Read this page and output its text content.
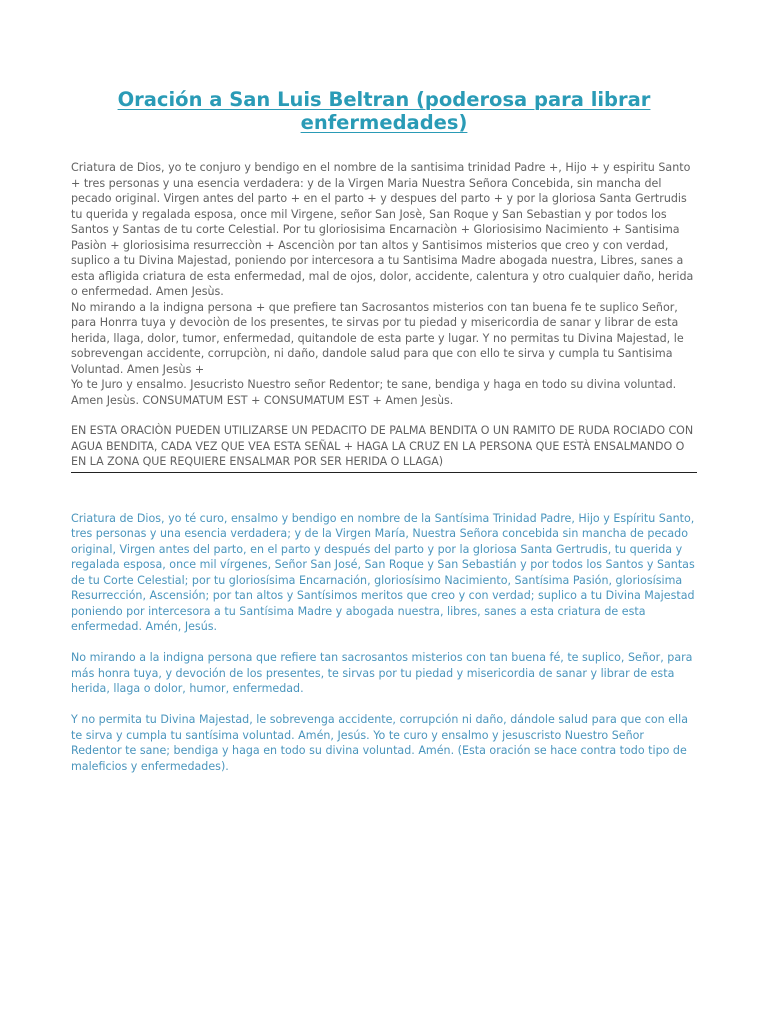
Oración a San Luis Beltran (poderosa para librar enfermedades)

Criatura de Dios, yo te conjuro y bendigo en el nombre de la santisima trinidad Padre +, Hijo + y espiritu Santo + tres personas y una esencia verdadera: y de la Virgen Maria Nuestra Señora Concebida, sin mancha del pecado original. Virgen antes del parto + en el parto + y despues del parto + y por la gloriosa Santa Gertrudis tu querida y regalada esposa, once mil Virgene, señor San Josè, San Roque y San Sebastian y por todos los Santos y Santas de tu corte Celestial. Por tu gloriosisima Encarnaciòn + Gloriosisimo Nacimiento + Santisima Pasiòn + gloriosisima resurrecciòn + Ascenciòn por tan altos y Santisimos misterios que creo y con verdad, suplico a tu Divina Majestad, poniendo por intercesora a tu Santisima Madre abogada nuestra, Libres, sanes a esta afligida criatura de esta enfermedad, mal de ojos, dolor, accidente, calentura y otro cualquier daño, herida o enfermedad. Amen Jesùs.

No mirando a la indigna persona + que prefiere tan Sacrosantos misterios con tan buena fe te suplico Señor, para Honrra tuya y devociòn de los presentes, te sirvas por tu piedad y misericordia de sanar y librar de esta herida, llaga, dolor, tumor, enfermedad, quitandole de esta parte y lugar. Y no permitas tu Divina Majestad, le sobrevengan accidente, corrupciòn, ni daño, dandole salud para que con ello te sirva y cumpla tu Santisima Voluntad. Amen Jesùs +

Yo te Juro y ensalmo. Jesucristo Nuestro señor Redentor; te sane, bendiga y haga en todo su divina voluntad. Amen Jesùs. CONSUMATUM EST + CONSUMATUM EST + Amen Jesùs.

EN ESTA ORACIÒN PUEDEN UTILIZARSE UN PEDACITO DE PALMA BENDITA O UN RAMITO DE RUDA ROCIADO CON AGUA BENDITA, CADA VEZ QUE VEA ESTA SEÑAL + HAGA LA CRUZ EN LA PERSONA QUE ESTÀ ENSALMANDO O EN LA ZONA QUE REQUIERE ENSALMAR POR SER HERIDA O LLAGA)

Criatura de Dios, yo té curo, ensalmo y bendigo en nombre de la Santísima Trinidad Padre, Hijo y Espíritu Santo, tres personas y una esencia verdadera; y de la Virgen María, Nuestra Señora concebida sin mancha de pecado original, Virgen antes del parto, en el parto y después del parto y por la gloriosa Santa Gertrudis, tu querida y regalada esposa, once mil vírgenes, Señor San José, San Roque y San Sebastián y por todos los Santos y Santas de tu Corte Celestial; por tu gloriosísima Encarnación, gloriosísimo Nacimiento, Santísima Pasión, gloriosísima Resurrección, Ascensión; por tan altos y Santísimos meritos que creo y con verdad; suplico a tu Divina Majestad poniendo por intercesora a tu Santísima Madre y abogada nuestra, libres, sanes a esta criatura de esta enfermedad. Amén, Jesús.

No mirando a la indigna persona que refiere tan sacrosantos misterios con tan buena fé, te suplico, Señor, para más honra tuya, y devoción de los presentes, te sirvas por tu piedad y misericordia de sanar y librar de esta herida, llaga o dolor, humor, enfermedad.

Y no permita tu Divina Majestad, le sobrevenga accidente, corrupción ni daño, dándole salud para que con ella te sirva y cumpla tu santísima voluntad. Amén, Jesús. Yo te curo y ensalmo y jesuscristo Nuestro Señor Redentor te sane; bendiga y haga en todo su divina voluntad. Amén. (Esta oración se hace contra todo tipo de maleficios y enfermedades).
